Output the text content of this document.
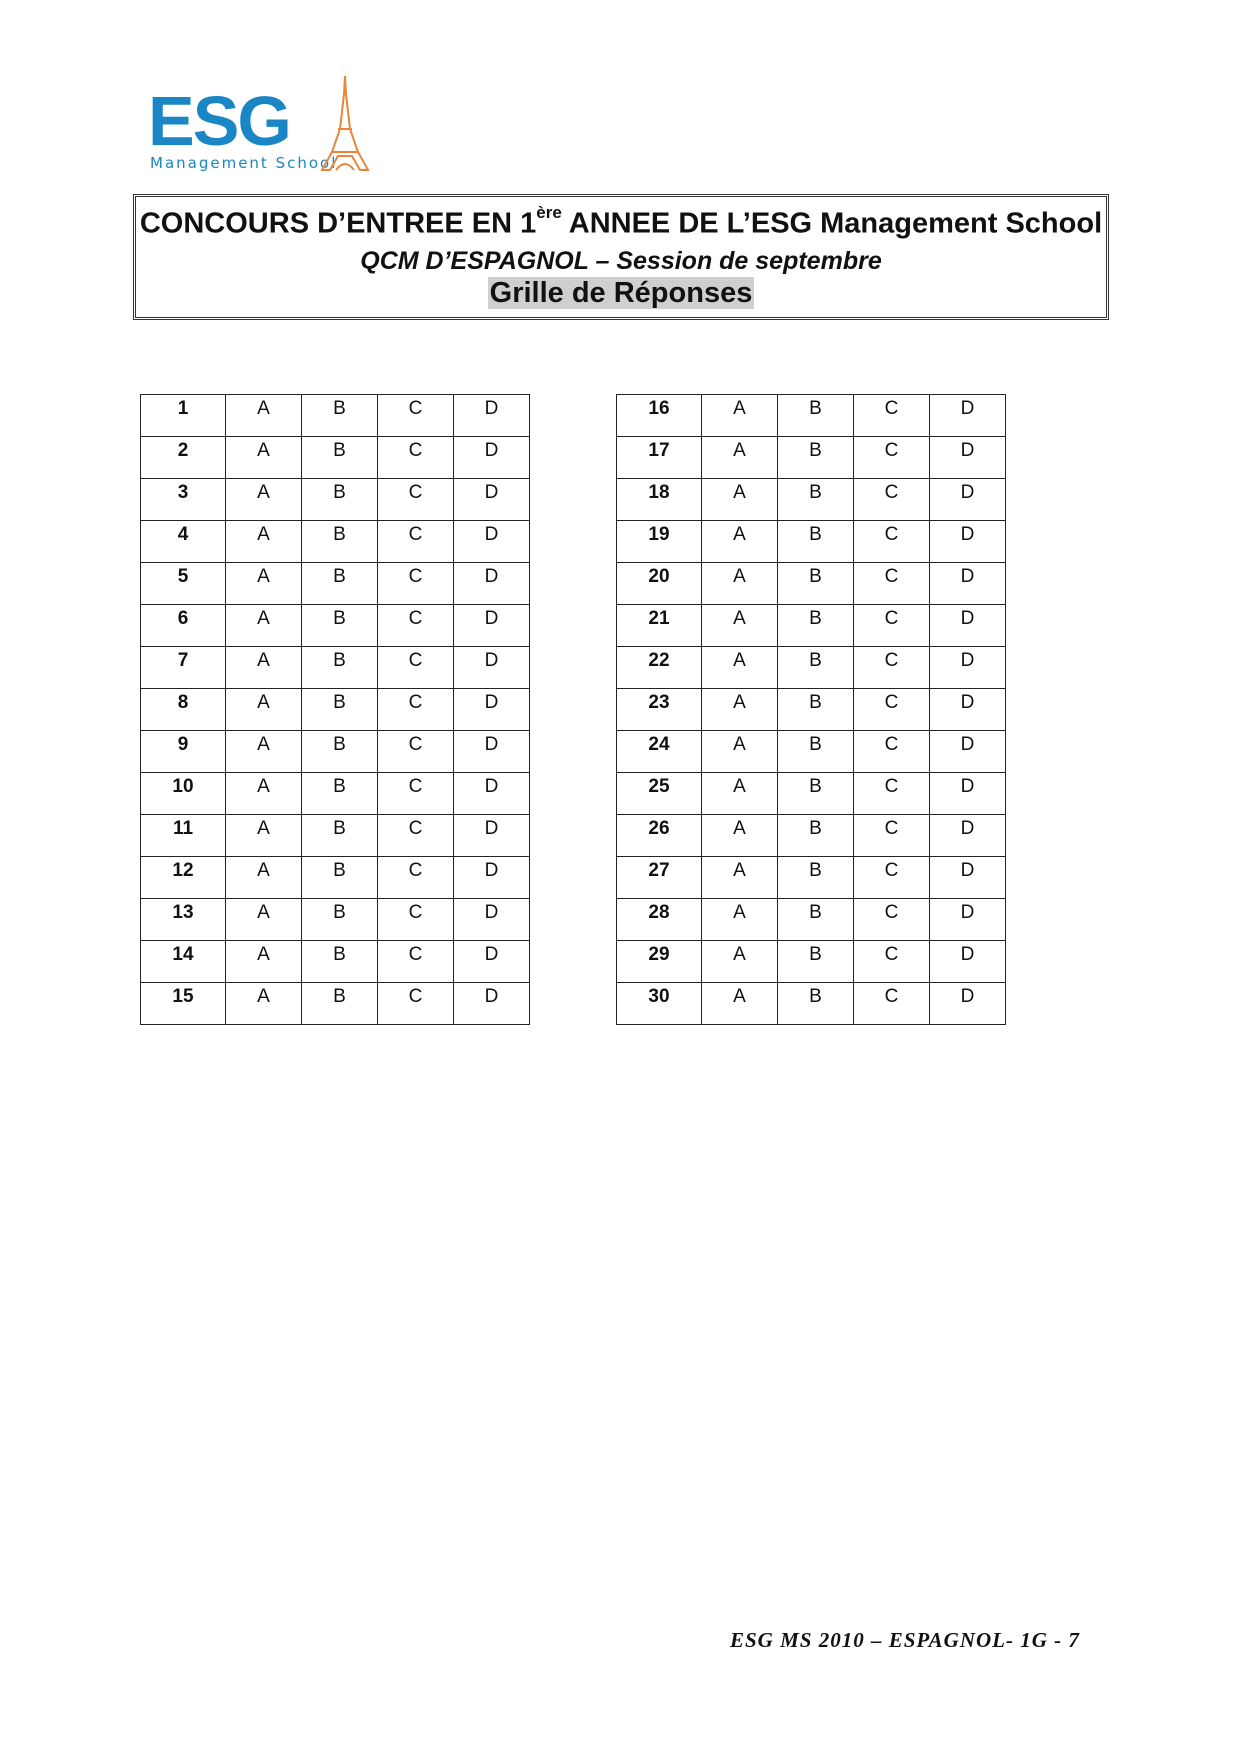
ESG
Management School
CONCOURS D’ENTREE EN 1ère ANNEE DE L’ESG Management School
QCM D’ESPAGNOL – Session de septembre
Grille de Réponses
1	A	B	C	D
2	A	B	C	D
3	A	B	C	D
4	A	B	C	D
5	A	B	C	D
6	A	B	C	D
7	A	B	C	D
8	A	B	C	D
9	A	B	C	D
10	A	B	C	D
11	A	B	C	D
12	A	B	C	D
13	A	B	C	D
14	A	B	C	D
15	A	B	C	D
16	A	B	C	D
17	A	B	C	D
18	A	B	C	D
19	A	B	C	D
20	A	B	C	D
21	A	B	C	D
22	A	B	C	D
23	A	B	C	D
24	A	B	C	D
25	A	B	C	D
26	A	B	C	D
27	A	B	C	D
28	A	B	C	D
29	A	B	C	D
30	A	B	C	D
ESG MS 2010 – ESPAGNOL- 1G - 7
